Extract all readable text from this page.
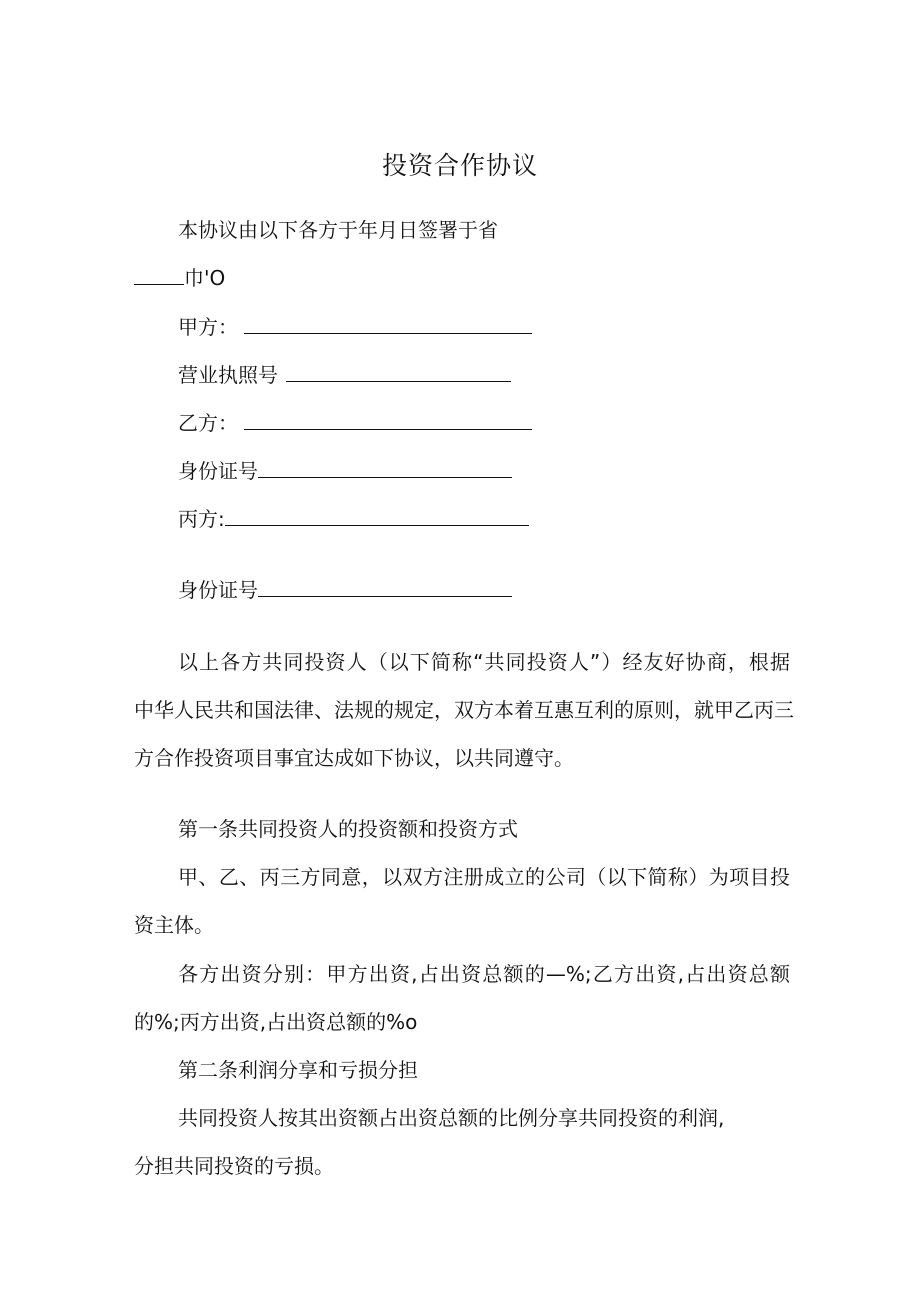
投资合作协议
本协议由以下各方于年月日签署于省
巾'O
甲方：
营业执照号
乙方：
身份证号
丙方:
身份证号
以上各方共同投资人（以下简称“共同投资人”）经友好协商，根据
中华人民共和国法律、法规的规定，双方本着互惠互利的原则，就甲乙丙三
方合作投资项目事宜达成如下协议，以共同遵守。
第一条共同投资人的投资额和投资方式
甲、乙、丙三方同意，以双方注册成立的公司（以下简称）为项目投
资主体。
各方出资分别：甲方出资,占出资总额的—%;乙方出资,占出资总额
的%;丙方出资,占出资总额的%o
第二条利润分享和亏损分担
共同投资人按其出资额占出资总额的比例分享共同投资的利润,
分担共同投资的亏损。
